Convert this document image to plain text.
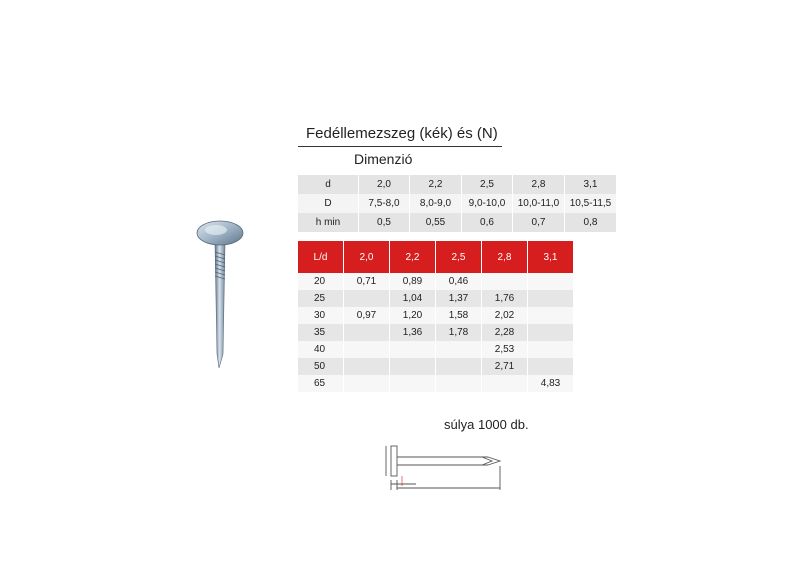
Fedéllemezszeg (kék) és (N)
Dimenzió
d	2,0	2,2	2,5	2,8	3,1
D	7,5-8,0	8,0-9,0	9,0-10,0	10,0-11,0	10,5-11,5
h min	0,5	0,55	0,6	0,7	0,8
L/d	2,0	2,2	2,5	2,8	3,1
20	0,71	0,89	0,46		
25		1,04	1,37	1,76	
30	0,97	1,20	1,58	2,02	
35		1,36	1,78	2,28	
40				2,53	
50				2,71	
65					4,83
súlya 1000 db.
